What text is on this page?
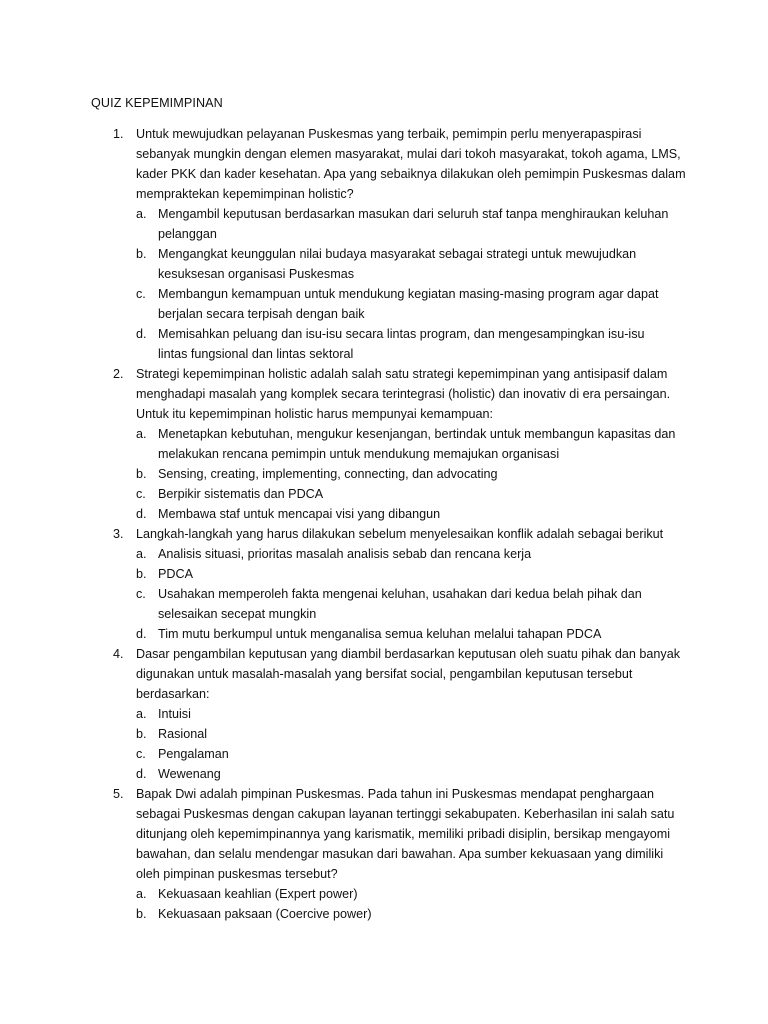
QUIZ KEPEMIMPINAN
1. Untuk mewujudkan pelayanan Puskesmas yang terbaik, pemimpin perlu menyerapaspirasi sebanyak mungkin dengan elemen masyarakat, mulai dari tokoh masyarakat, tokoh agama, LMS, kader PKK dan kader kesehatan. Apa yang sebaiknya dilakukan oleh pemimpin Puskesmas dalam mempraktekan kepemimpinan holistic?
a. Mengambil keputusan berdasarkan masukan dari seluruh staf tanpa menghiraukan keluhan pelanggan
b. Mengangkat keunggulan nilai budaya masyarakat sebagai strategi untuk mewujudkan kesuksesan organisasi Puskesmas
c. Membangun kemampuan untuk mendukung kegiatan masing-masing program agar dapat berjalan secara terpisah dengan baik
d. Memisahkan peluang dan isu-isu secara lintas program, dan mengesampingkan isu-isu lintas fungsional dan lintas sektoral
2. Strategi kepemimpinan holistic adalah salah satu strategi kepemimpinan yang antisipasif dalam menghadapi masalah yang komplek secara terintegrasi (holistic) dan inovativ di era persaingan. Untuk itu kepemimpinan holistic harus mempunyai kemampuan:
a. Menetapkan kebutuhan, mengukur kesenjangan, bertindak untuk membangun kapasitas dan melakukan rencana pemimpin untuk mendukung memajukan organisasi
b. Sensing, creating, implementing, connecting, dan advocating
c. Berpikir sistematis dan PDCA
d. Membawa staf untuk mencapai visi yang dibangun
3. Langkah-langkah yang harus dilakukan sebelum menyelesaikan konflik adalah sebagai berikut
a. Analisis situasi, prioritas masalah analisis sebab dan rencana kerja
b. PDCA
c. Usahakan memperoleh fakta mengenai keluhan, usahakan dari kedua belah pihak dan selesaikan secepat mungkin
d. Tim mutu berkumpul untuk menganalisa semua keluhan melalui tahapan PDCA
4. Dasar pengambilan keputusan yang diambil berdasarkan keputusan oleh suatu pihak dan banyak digunakan untuk masalah-masalah yang bersifat social, pengambilan keputusan tersebut berdasarkan:
a. Intuisi
b. Rasional
c. Pengalaman
d. Wewenang
5. Bapak Dwi adalah pimpinan Puskesmas. Pada tahun ini Puskesmas mendapat penghargaan sebagai Puskesmas dengan cakupan layanan tertinggi sekabupaten. Keberhasilan ini salah satu ditunjang oleh kepemimpinannya yang karismatik, memiliki pribadi disiplin, bersikap mengayomi bawahan, dan selalu mendengar masukan dari bawahan. Apa sumber kekuasaan yang dimiliki oleh pimpinan puskesmas tersebut?
a. Kekuasaan keahlian (Expert power)
b. Kekuasaan paksaan (Coercive power)
